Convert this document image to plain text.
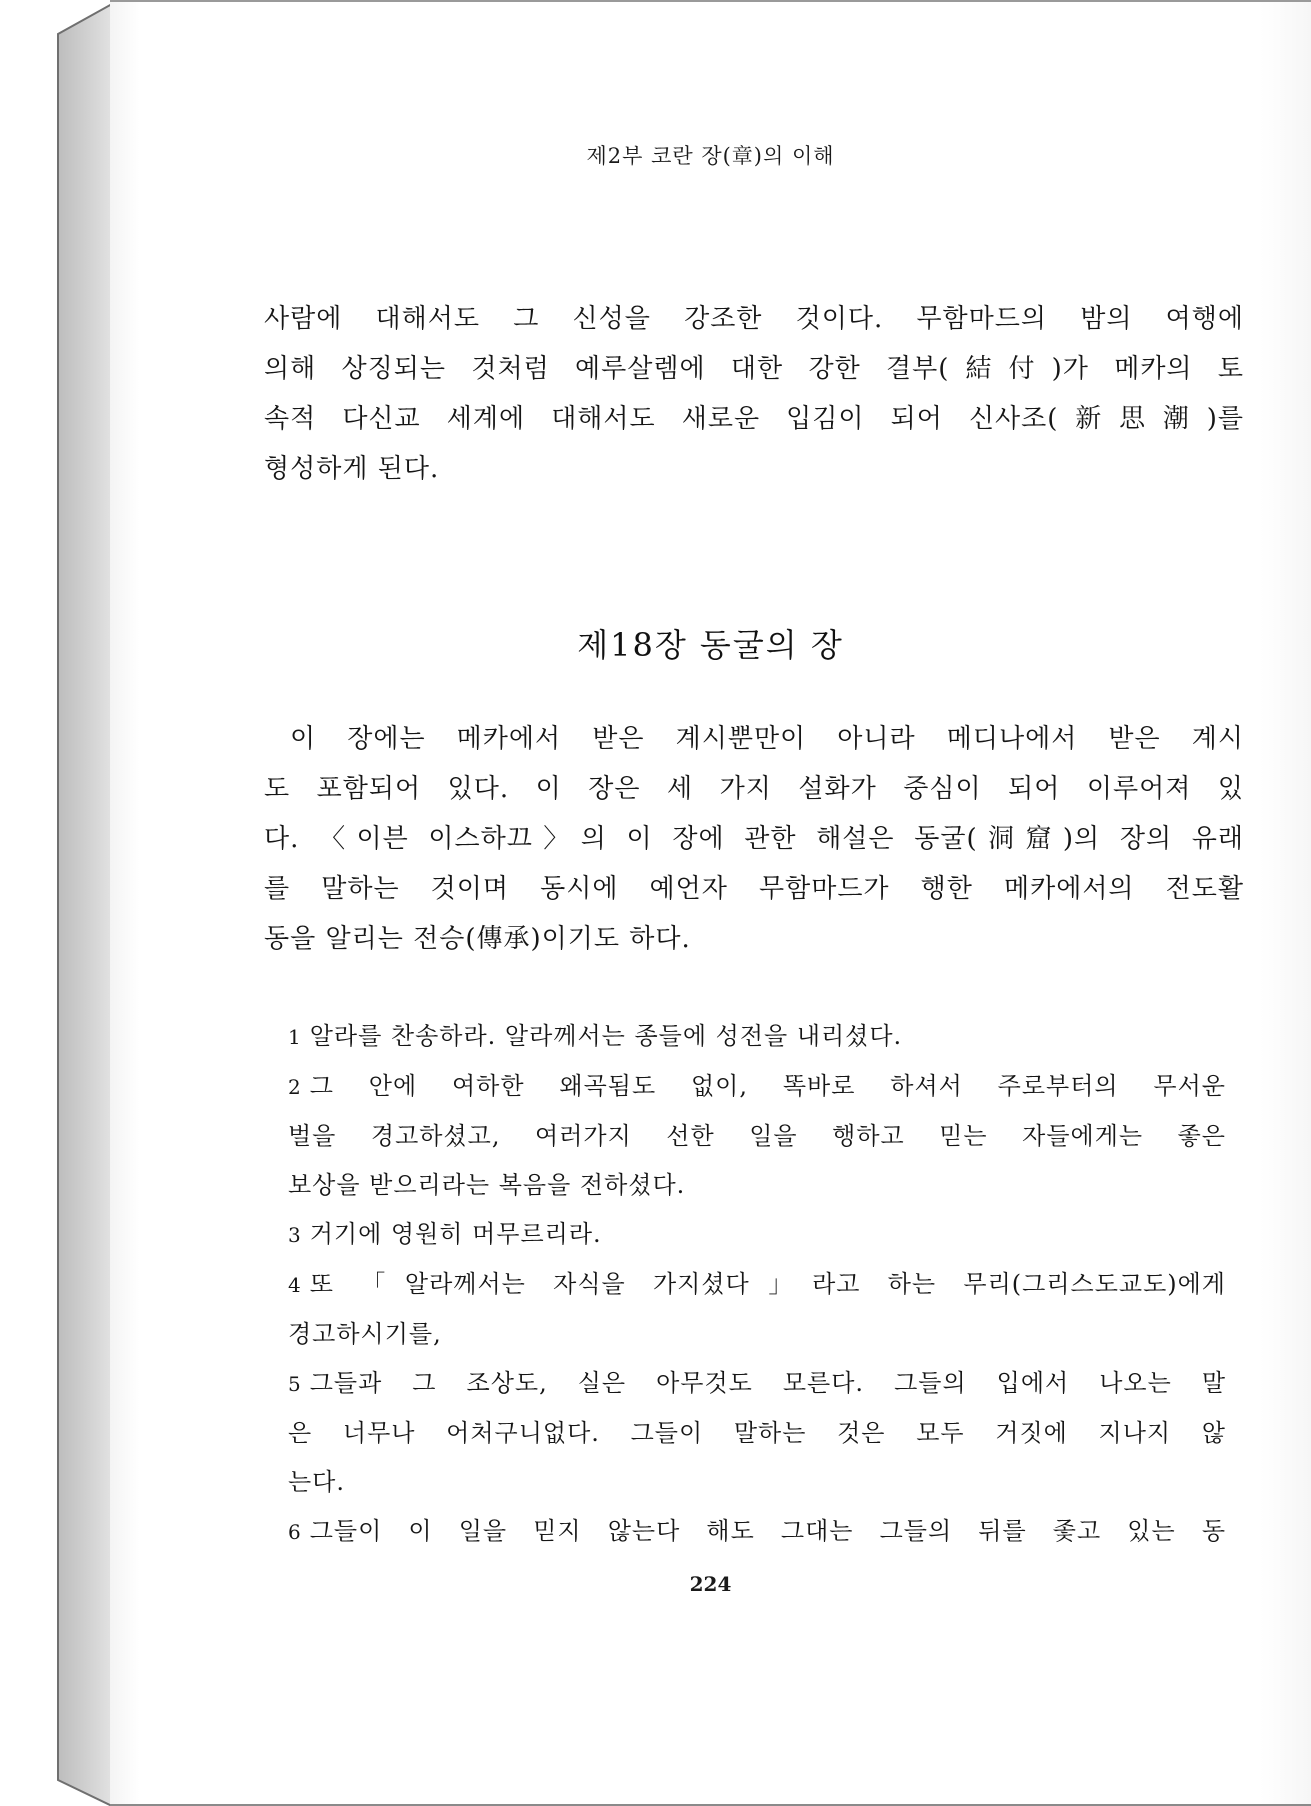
제2부 코란 장(章)의 이해
사람에 대해서도 그 신성을 강조한 것이다. 무함마드의 밤의 여행에
의해 상징되는 것처럼 예루살렘에 대한 강한 결부(結付)가 메카의 토
속적 다신교 세계에 대해서도 새로운 입김이 되어 신사조(新思潮)를
형성하게 된다.
제18장 동굴의 장
이 장에는 메카에서 받은 계시뿐만이 아니라 메디나에서 받은 계시
도 포함되어 있다. 이 장은 세 가지 설화가 중심이 되어 이루어져 있
다. 〈이븐 이스하끄〉의 이 장에 관한 해설은 동굴(洞窟)의 장의 유래
를 말하는 것이며 동시에 예언자 무함마드가 행한 메카에서의 전도활
동을 알리는 전승(傳承)이기도 하다.
1 알라를 찬송하라. 알라께서는 종들에 성전을 내리셨다.
2 그 안에 여하한 왜곡됨도 없이, 똑바로 하셔서 주로부터의 무서운
벌을 경고하셨고, 여러가지 선한 일을 행하고 믿는 자들에게는 좋은
보상을 받으리라는 복음을 전하셨다.
3 거기에 영원히 머무르리라.
4 또 「알라께서는 자식을 가지셨다」라고 하는 무리(그리스도교도)에게
경고하시기를,
5 그들과 그 조상도, 실은 아무것도 모른다. 그들의 입에서 나오는 말
은 너무나 어처구니없다. 그들이 말하는 것은 모두 거짓에 지나지 않
는다.
6 그들이 이 일을 믿지 않는다 해도 그대는 그들의 뒤를 좇고 있는 동
224
